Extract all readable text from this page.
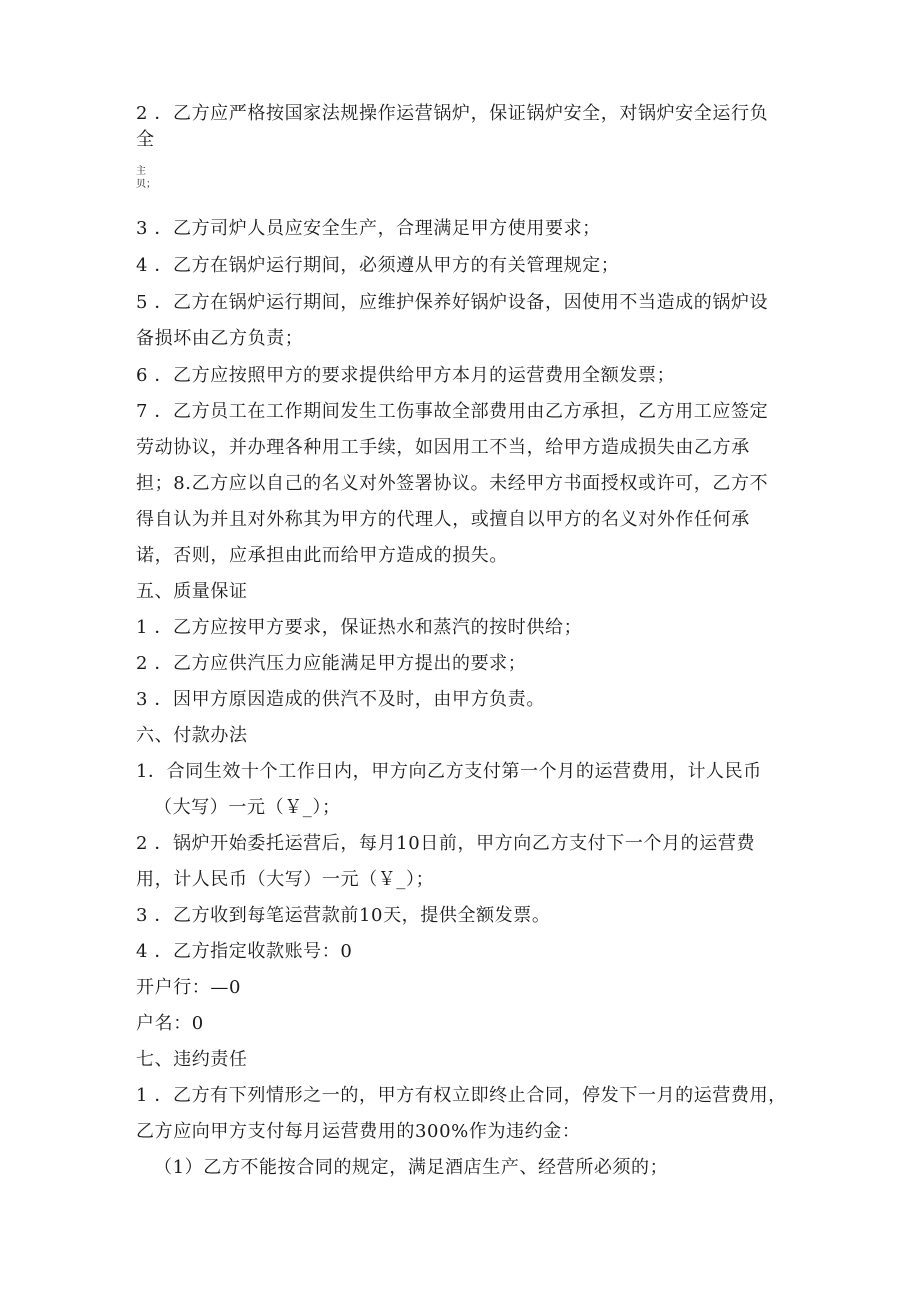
2 ．乙方应严格按国家法规操作运营锅炉，保证锅炉安全，对锅炉安全运行负
全
主
贝；
3 ．乙方司炉人员应安全生产，合理满足甲方使用要求；
4 ．乙方在锅炉运行期间，必须遵从甲方的有关管理规定；
5 ．乙方在锅炉运行期间，应维护保养好锅炉设备，因使用不当造成的锅炉设
备损坏由乙方负责；
6 ．乙方应按照甲方的要求提供给甲方本月的运营费用全额发票；
7 ．乙方员工在工作期间发生工伤事故全部费用由乙方承担，乙方用工应签定
劳动协议，并办理各种用工手续，如因用工不当，给甲方造成损失由乙方承
担；8.乙方应以自己的名义对外签署协议。未经甲方书面授权或许可，乙方不
得自认为并且对外称其为甲方的代理人，或擅自以甲方的名义对外作任何承
诺，否则，应承担由此而给甲方造成的损失。
五、质量保证
1 ．乙方应按甲方要求，保证热水和蒸汽的按时供给；
2 ．乙方应供汽压力应能满足甲方提出的要求；
3 ．因甲方原因造成的供汽不及时，由甲方负责。
六、付款办法
1．合同生效十个工作日内，甲方向乙方支付第一个月的运营费用，计人民币
（大写）一元（￥_）；
2 ．锅炉开始委托运营后，每月10日前，甲方向乙方支付下一个月的运营费
用，计人民币（大写）一元（￥_）；
3 ．乙方收到每笔运营款前10天，提供全额发票。
4 ．乙方指定收款账号：0
开户行：—0
户名：0
七、违约责任
1 ．乙方有下列情形之一的，甲方有权立即终止合同，停发下一月的运营费用，
乙方应向甲方支付每月运营费用的300%作为违约金：
（1）乙方不能按合同的规定，满足酒店生产、经营所必须的；
